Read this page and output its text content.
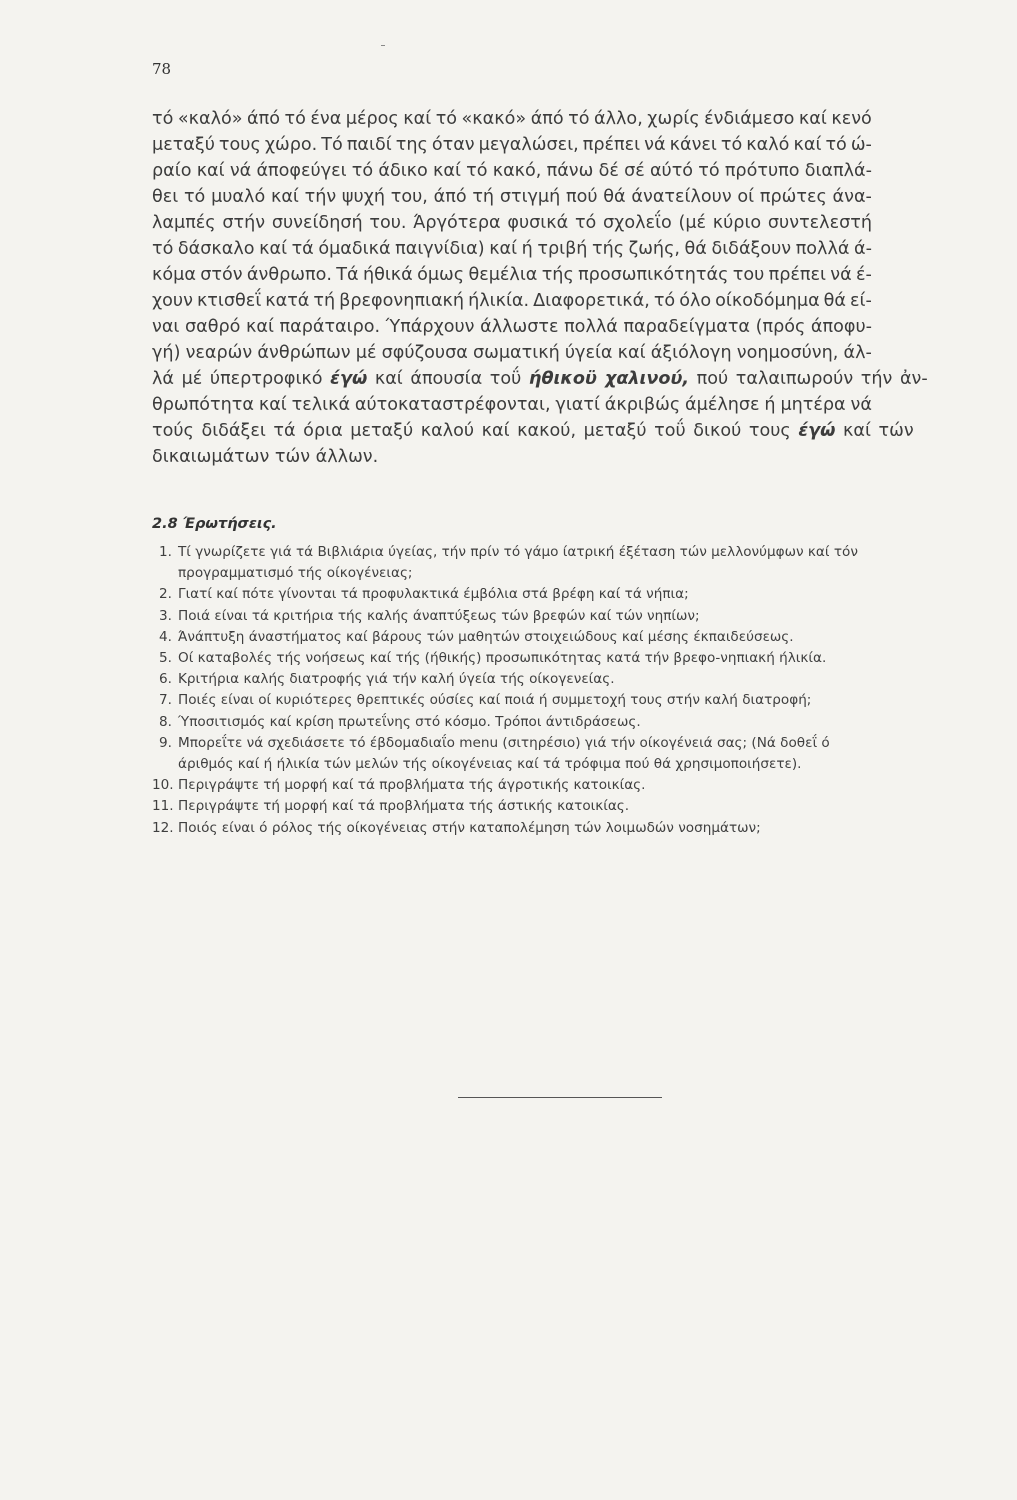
78
τό «καλό» άπό τό ένα μέρος καί τό «κακό» άπό τό άλλο, χωρίς ένδιάμεσο καί κενό
μεταξύ τους χώρο. Τό παιδί της όταν μεγαλώσει, πρέπει νά κάνει τό καλό καί τό ώ-
ραίο καί νά άποφεύγει τό άδικο καί τό κακό, πάνω δέ σέ αύτό τό πρότυπο διαπλά-
θει τό μυαλό καί τήν ψυχή του, άπό τή στιγμή πού θά άνατείλουν οί πρώτες άνα-
λαμπές στήν συνείδησή του. Άργότερα φυσικά τό σχολεΐο (μέ κύριο συντελεστή
τό δάσκαλο καί τά όμαδικά παιγνίδια) καί ή τριβή τής ζωής, θά διδάξουν πολλά ά-
κόμα στόν άνθρωπο. Τά ήθικά όμως θεμέλια τής προσωπικότητάς του πρέπει νά έ-
χουν κτισθεΐ κατά τή βρεφονηπιακή ήλικία. Διαφορετικά, τό όλο οίκοδόμημα θά εί-
ναι σαθρό καί παράταιρο. Ύπάρχουν άλλωστε πολλά παραδείγματα (πρός άποφυ-
γή) νεαρών άνθρώπων μέ σφύζουσα σωματική ύγεία καί άξιόλογη νοημοσύνη, άλ-
λά μέ ύπερτροφικό έγώ καί άπουσία τοΰ ήθικοϋ χαλινού, πού ταλαιπωρούν τήν ἀν-
θρωπότητα καί τελικά αύτοκαταστρέφονται, γιατί άκριβώς άμέλησε ή μητέρα νά
τούς διδάξει τά όρια μεταξύ καλού καί κακού, μεταξύ τοΰ δικού τους έγώ καί τών
δικαιωμάτων τών άλλων.
2.8 Έρωτήσεις.
1. Τί γνωρίζετε γιά τά Βιβλιάρια ύγείας, τήν πρίν τό γάμο ίατρική έξέταση τών μελλονύμφων καί τόν
προγραμματισμό τής οίκογένειας;
2. Γιατί καί πότε γίνονται τά προφυλακτικά έμβόλια στά βρέφη καί τά νήπια;
3. Ποιά είναι τά κριτήρια τής καλής άναπτύξεως τών βρεφών καί τών νηπίων;
4. Άνάπτυξη άναστήματος καί βάρους τών μαθητών στοιχειώδους καί μέσης έκπαιδεύσεως.
5. Οί καταβολές τής νοήσεως καί τής (ήθικής) προσωπικότητας κατά τήν βρεφο-νηπιακή ήλικία.
6. Κριτήρια καλής διατροφής γιά τήν καλή ύγεία τής οίκογενείας.
7. Ποιές είναι οί κυριότερες θρεπτικές ούσίες καί ποιά ή συμμετοχή τους στήν καλή διατροφή;
8. Ύποσιτισμός καί κρίση πρωτεΐνης στό κόσμο. Τρόποι άντιδράσεως.
9. Μπορεΐτε νά σχεδιάσετε τό έβδομαδιαΐο menu (σιτηρέσιο) γιά τήν οίκογένειά σας; (Νά δοθεΐ ό
άριθμός καί ή ήλικία τών μελών τής οίκογένειας καί τά τρόφιμα πού θά χρησιμοποιήσετε).
10. Περιγράψτε τή μορφή καί τά προβλήματα τής άγροτικής κατοικίας.
11. Περιγράψτε τή μορφή καί τά προβλήματα τής άστικής κατοικίας.
12. Ποιός είναι ό ρόλος τής οίκογένειας στήν καταπολέμηση τών λοιμωδών νοσημάτων;
